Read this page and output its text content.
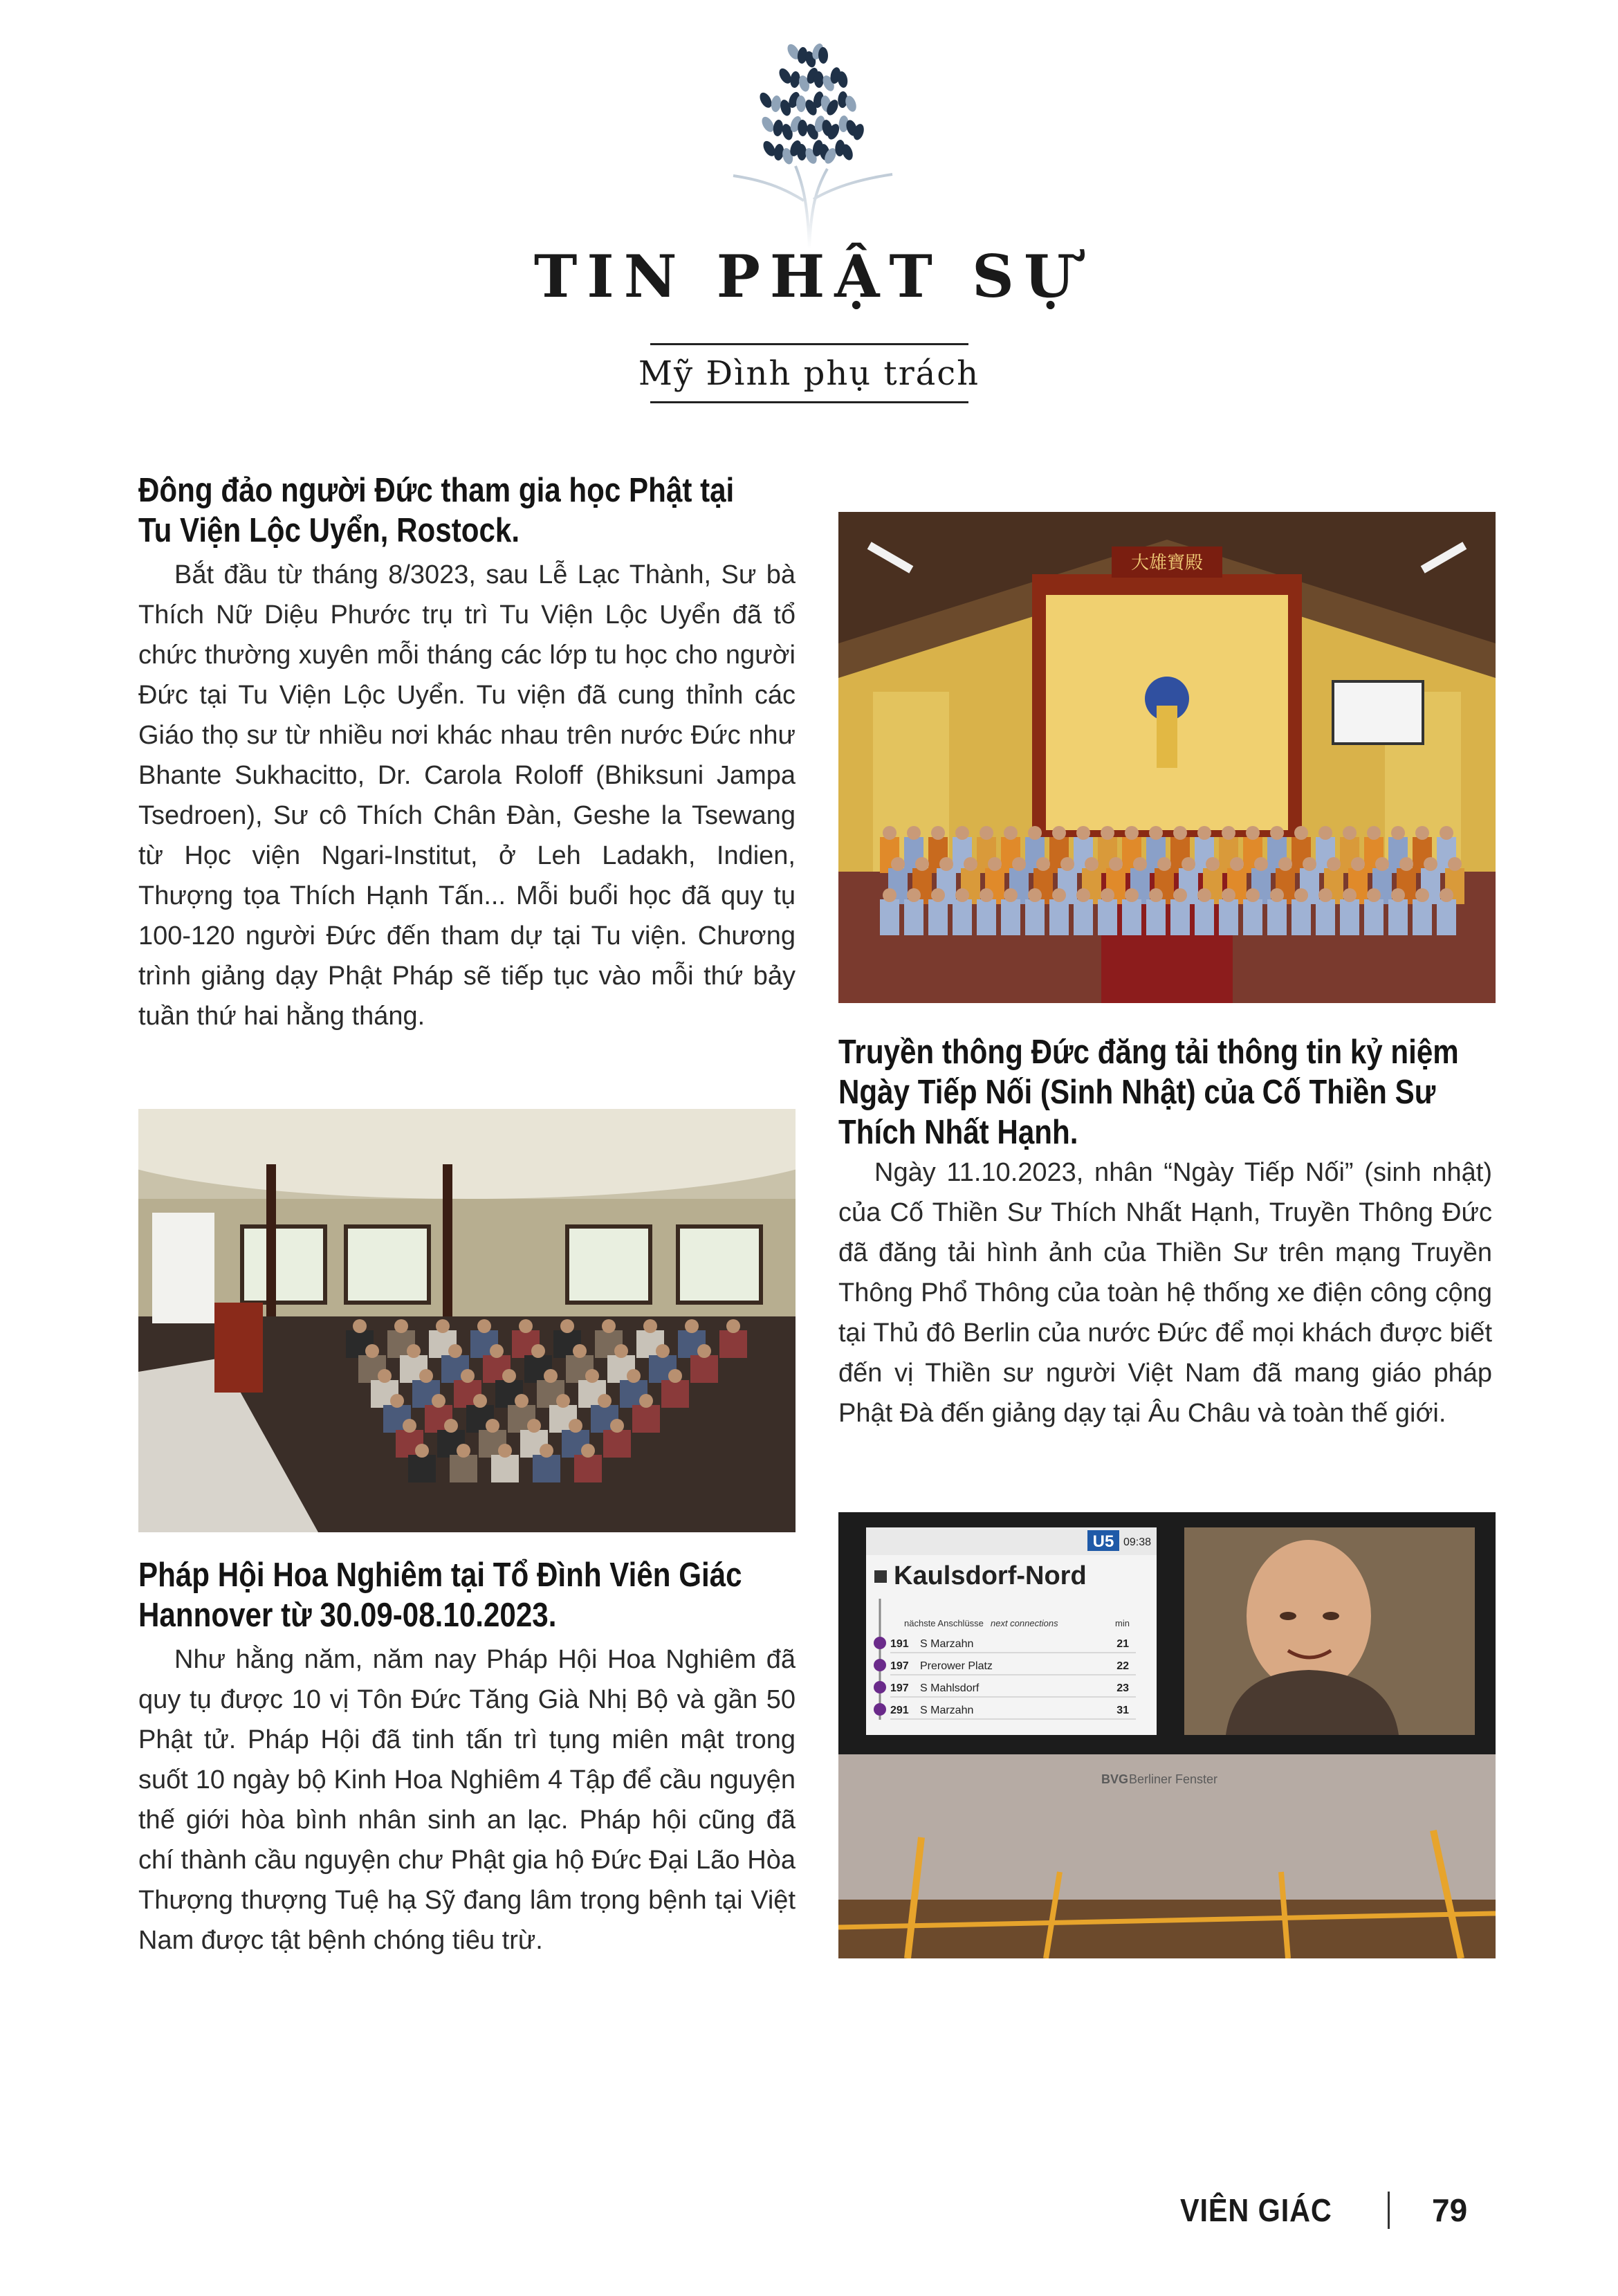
TIN PHẬT SỰ
Mỹ Đình phụ trách
Đông đảo người Đức tham gia học Phật tại
Tu Viện Lộc Uyển, Rostock.

Bắt đầu từ tháng 8/3023, sau Lễ Lạc Thành, Sư bà Thích Nữ Diệu Phước trụ trì Tu Viện Lộc Uyển đã tổ chức thường xuyên mỗi tháng các lớp tu học cho người Đức tại Tu Viện Lộc Uyển. Tu viện đã cung thỉnh các Giáo thọ sư từ nhiều nơi khác nhau trên nước Đức như Bhante Sukhacitto, Dr. Carola Roloff (Bhiksuni Jampa Tsedroen), Sư cô Thích Chân Đàn, Geshe la Tsewang từ Học viện Ngari-Institut, ở Leh Ladakh, Indien, Thượng tọa Thích Hạnh Tấn... Mỗi buổi học đã quy tụ 100-120 người Đức đến tham dự tại Tu viện. Chương trình giảng dạy Phật Pháp sẽ tiếp tục vào mỗi thứ bảy tuần thứ hai hằng tháng.

大雄寶殿
Truyền thông Đức đăng tải thông tin kỷ niệm
Ngày Tiếp Nối (Sinh Nhật) của Cố Thiền Sư
Thích Nhất Hạnh.

Ngày 11.10.2023, nhân “Ngày Tiếp Nối” (sinh nhật) của Cố Thiền Sư Thích Nhất Hạnh, Truyền Thông Đức đã đăng tải hình ảnh của Thiền Sư trên mạng Truyền Thông Phổ Thông của toàn hệ thống xe điện công cộng tại Thủ đô Berlin của nước Đức để mọi khách được biết đến vị Thiền sư người Việt Nam đã mang giáo pháp Phật Đà đến giảng dạy tại Âu Châu và toàn thế giới.

Pháp Hội Hoa Nghiêm tại Tổ Đình Viên Giác
Hannover từ 30.09-08.10.2023.

Như hằng năm, năm nay Pháp Hội Hoa Nghiêm đã quy tụ được 10 vị Tôn Đức Tăng Già Nhị Bộ và gần 50 Phật tử. Pháp Hội đã tinh tấn trì tụng miên mật trong suốt 10 ngày bộ Kinh Hoa Nghiêm 4 Tập để cầu nguyện thế giới hòa bình nhân sinh an lạc. Pháp hội cũng đã chí thành cầu nguyện chư Phật gia hộ Đức Đại Lão Hòa Thượng thượng Tuệ hạ Sỹ đang lâm trọng bệnh tại Việt Nam được tật bệnh chóng tiêu trừ.

U5 09:38
Kaulsdorf-Nord
nächste Anschlüsse next connections	min
191 S Marzahn	21
197 Prerower Platz	22
197 S Mahlsdorf	23
291 S Marzahn	31
BVG Berliner Fenster
VIÊN GIÁC	79
